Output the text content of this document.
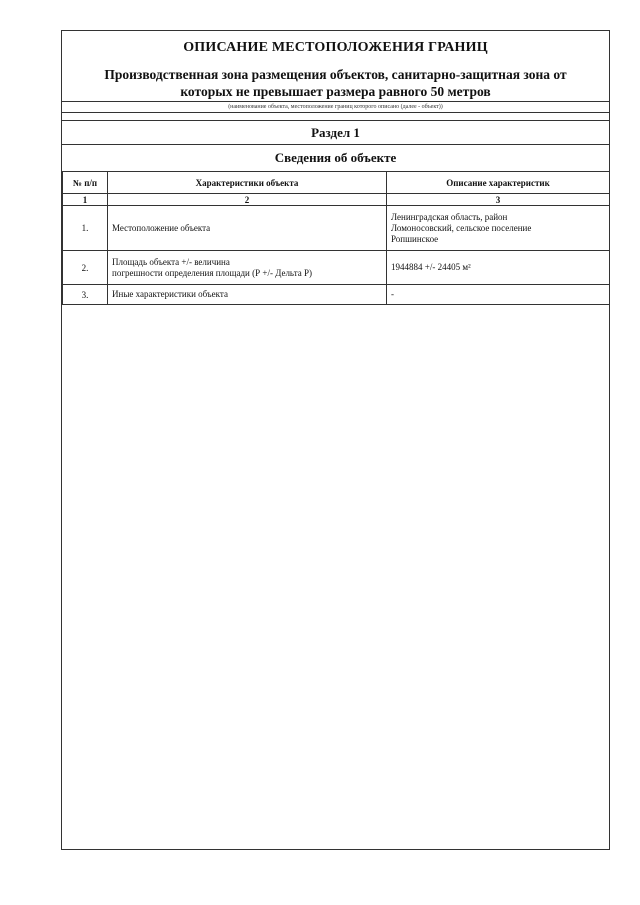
ОПИСАНИЕ МЕСТОПОЛОЖЕНИЯ ГРАНИЦ
Производственная зона размещения объектов, санитарно-защитная зона от
которых не превышает размера равного 50 метров
(наименование объекта, местоположение границ которого описано (далее - объект))
Раздел 1
Сведения об объекте
№ п/п	Характеристики объекта	Описание характеристик
1	2	3
1.	Местоположение объекта	Ленинградская область, район
Ломоносовский, сельское поселение
Ропшинское

2.	Площадь объекта +/- величина
погрешности определения площади (Р +/- Дельта Р)	1944884 +/- 24405 м²

3.	Иные характеристики объекта	-
